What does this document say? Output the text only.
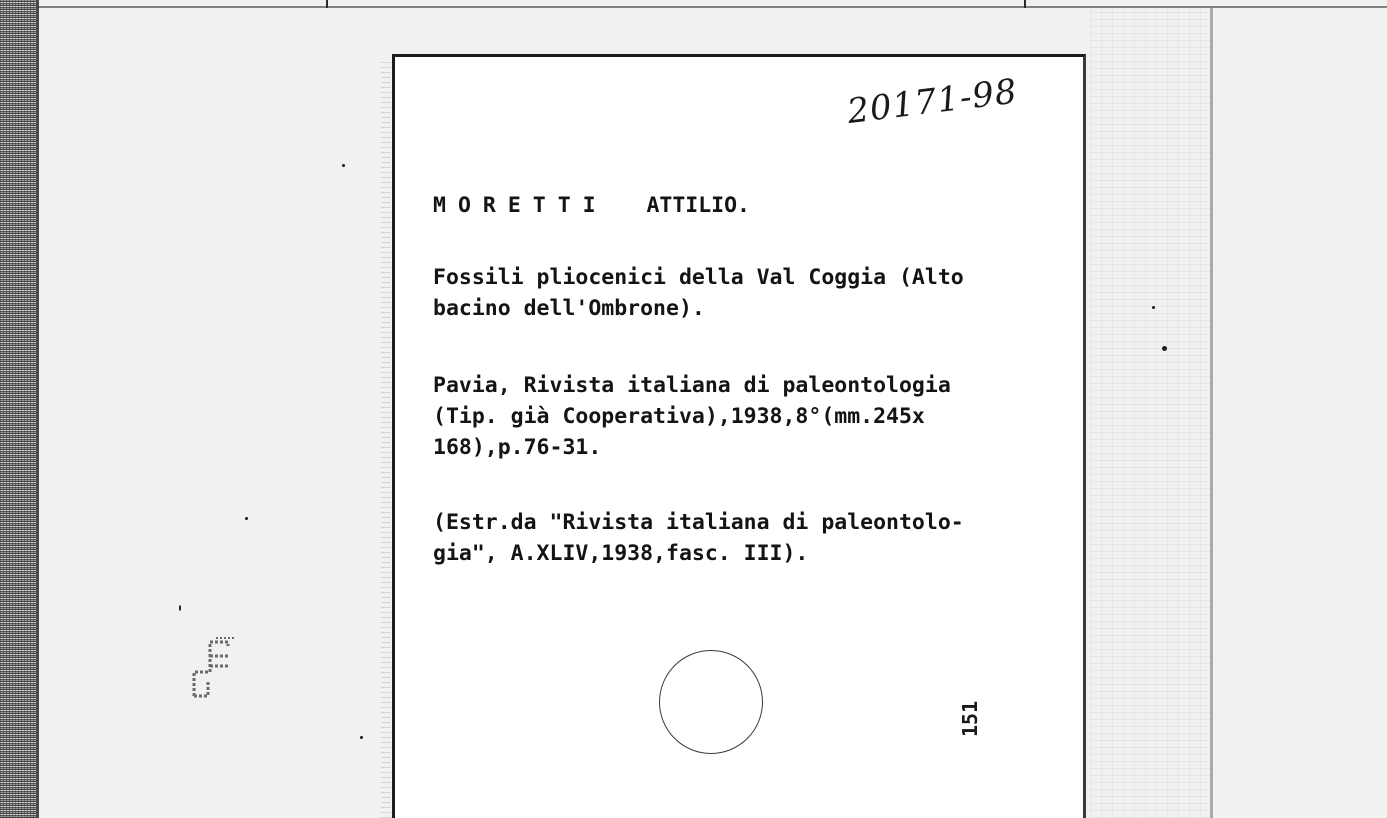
20171-98
MORETTI ATTILIO.
Fossili pliocenici della Val Coggia (Alto
bacino dell'Ombrone).
Pavia, Rivista italiana di paleontologia
(Tip. già Cooperativa),1938,8°(mm.245x
168),p.76-31.
(Estr.da "Rivista italiana di paleontolo-
gia", A.XLIV,1938,fasc. III).
151
